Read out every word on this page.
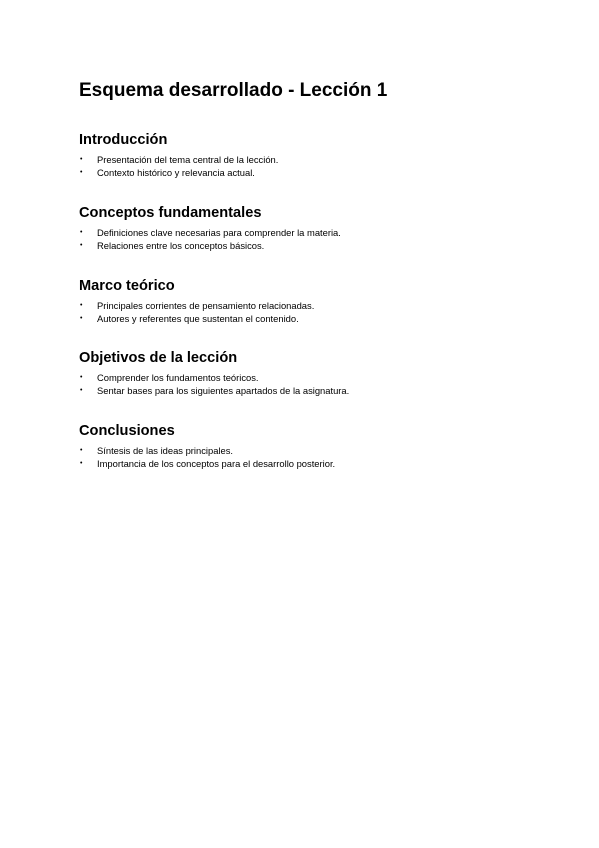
Esquema desarrollado - Lección 1
Introducción
• Presentación del tema central de la lección.
• Contexto histórico y relevancia actual.
Conceptos fundamentales
• Definiciones clave necesarias para comprender la materia.
• Relaciones entre los conceptos básicos.
Marco teórico
• Principales corrientes de pensamiento relacionadas.
• Autores y referentes que sustentan el contenido.
Objetivos de la lección
• Comprender los fundamentos teóricos.
• Sentar bases para los siguientes apartados de la asignatura.
Conclusiones
• Síntesis de las ideas principales.
• Importancia de los conceptos para el desarrollo posterior.
